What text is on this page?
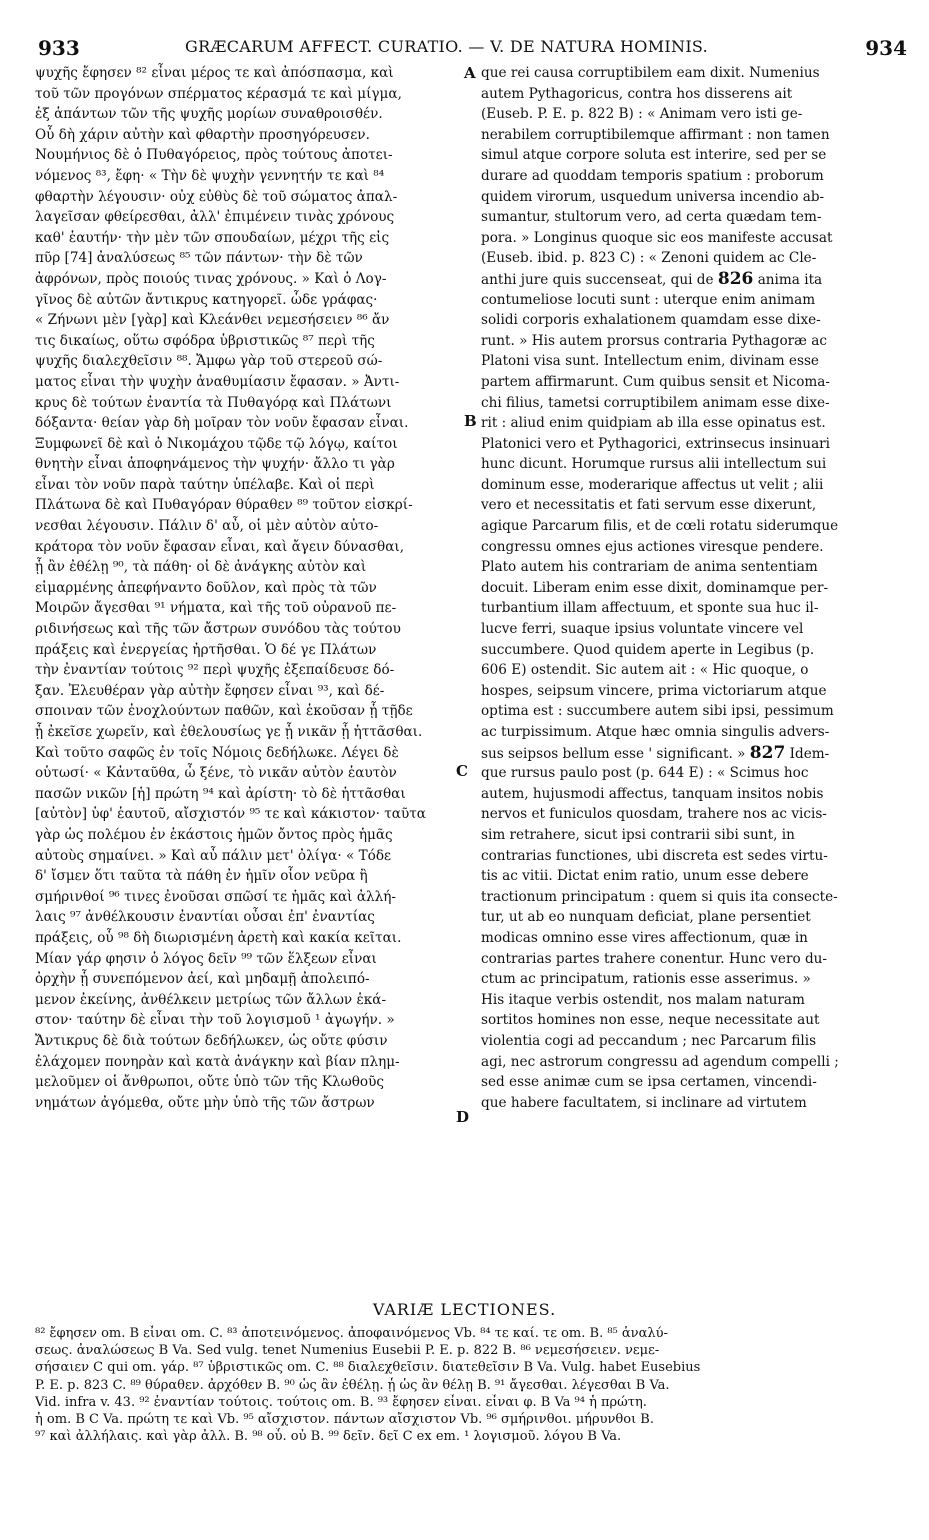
933	GRÆCARUM AFFECT. CURATIO. — V. DE NATURA HOMINIS.	934
ψυχῆς ἔφησεν ⁸² εἶναι μέρος τε καὶ ἀπόσπασμα, καὶ
τοῦ τῶν προγόνων σπέρματος κέρασμά τε καὶ μίγμα,
ἐξ ἁπάντων τῶν τῆς ψυχῆς μορίων συναθροισθέν.
Οὗ δὴ χάριν αὐτὴν καὶ φθαρτὴν προσηγόρευσεν.
Νουμήνιος δὲ ὁ Πυθαγόρειος, πρὸς τούτους ἀποτει-
νόμενος ⁸³, ἔφη· « Τὴν δὲ ψυχὴν γεννητήν τε καὶ ⁸⁴
φθαρτὴν λέγουσιν· οὐχ εὐθὺς δὲ τοῦ σώματος ἀπαλ-
λαγεῖσαν φθείρεσθαι, ἀλλ' ἐπιμένειν τινὰς χρόνους
καθ' ἑαυτήν· τὴν μὲν τῶν σπουδαίων, μέχρι τῆς εἰς
πῦρ [74] ἀναλύσεως ⁸⁵ τῶν πάντων· τὴν δὲ τῶν
ἀφρόνων, πρὸς ποιούς τινας χρόνους. » Καὶ ὁ Λογ-
γῖνος δὲ αὐτῶν ἄντικρυς κατηγορεῖ. ὧδε γράφας·
« Ζήνωνι μὲν [γὰρ] καὶ Κλεάνθει νεμεσήσειεν ⁸⁶ ἄν
τις δικαίως, οὕτω σφόδρα ὑβριστικῶς ⁸⁷ περὶ τῆς
ψυχῆς διαλεχθεῖσιν ⁸⁸. Ἄμφω γὰρ τοῦ στερεοῦ σώ-
ματος εἶναι τὴν ψυχὴν ἀναθυμίασιν ἔφασαν. » Ἀντι-
κρυς δὲ τούτων ἐναντία τὰ Πυθαγόρᾳ καὶ Πλάτωνι
δόξαντα· θείαν γὰρ δὴ μοῖραν τὸν νοῦν ἔφασαν εἶναι.
Ξυμφωνεῖ δὲ καὶ ὁ Νικομάχου τῷδε τῷ λόγῳ, καίτοι
θνητὴν εἶναι ἀποφηνάμενος τὴν ψυχήν· ἄλλο τι γὰρ
εἶναι τὸν νοῦν παρὰ ταύτην ὑπέλαβε. Καὶ οἱ περὶ
Πλάτωνα δὲ καὶ Πυθαγόραν θύραθεν ⁸⁹ τοῦτον εἰσκρί-
νεσθαι λέγουσιν. Πάλιν δ' αὖ, οἱ μὲν αὐτὸν αὐτο-
κράτορα τὸν νοῦν ἔφασαν εἶναι, καὶ ἄγειν δύνασθαι,
ᾗ ἂν ἐθέλῃ ⁹⁰, τὰ πάθη· οἱ δὲ ἀνάγκης αὐτὸν καὶ
εἱμαρμένης ἀπεφήναντο δοῦλον, καὶ πρὸς τὰ τῶν
Μοιρῶν ἄγεσθαι ⁹¹ νήματα, καὶ τῆς τοῦ οὐρανοῦ πε-
ριδινήσεως καὶ τῆς τῶν ἄστρων συνόδου τὰς τούτου
πράξεις καὶ ἐνεργείας ἠρτῆσθαι. Ὁ δέ γε Πλάτων
τὴν ἐναντίαν τούτοις ⁹² περὶ ψυχῆς ἐξεπαίδευσε δό-
ξαν. Ἐλευθέραν γὰρ αὐτὴν ἔφησεν εἶναι ⁹³, καὶ δέ-
σποιναν τῶν ἐνοχλούντων παθῶν, καὶ ἑκοῦσαν ᾗ τῇδε
ᾗ ἐκεῖσε χωρεῖν, καὶ ἐθελουσίως γε ᾗ νικᾶν ᾗ ἡττᾶσθαι.
Καὶ τοῦτο σαφῶς ἐν τοῖς Νόμοις δεδήλωκε. Λέγει δὲ
οὑτωσί· « Κἀνταῦθα, ὦ ξένε, τὸ νικᾶν αὐτὸν ἑαυτὸν
πασῶν νικῶν [ἡ] πρώτη ⁹⁴ καὶ ἀρίστη· τὸ δὲ ἡττᾶσθαι
[αὐτὸν] ὑφ' ἑαυτοῦ, αἴσχιστόν ⁹⁵ τε καὶ κάκιστον· ταῦτα
γὰρ ὡς πολέμου ἐν ἑκάστοις ἡμῶν ὄντος πρὸς ἡμᾶς
αὐτοὺς σημαίνει. » Καὶ αὖ πάλιν μετ' ὀλίγα· « Τόδε
δ' ἴσμεν ὅτι ταῦτα τὰ πάθη ἐν ἡμῖν οἷον νεῦρα ἢ
σμήρινθοί ⁹⁶ τινες ἐνοῦσαι σπῶσί τε ἡμᾶς καὶ ἀλλή-
λαις ⁹⁷ ἀνθέλκουσιν ἐναντίαι οὖσαι ἐπ' ἐναντίας
πράξεις, οὗ ⁹⁸ δὴ διωρισμένη ἀρετὴ καὶ κακία κεῖται.
Μίαν γάρ φησιν ὁ λόγος δεῖν ⁹⁹ τῶν ἕλξεων εἶναι
ὀρχὴν ᾗ συνεπόμενον ἀεί, καὶ μηδαμῇ ἀπολειπό-
μενον ἐκείνης, ἀνθέλκειν μετρίως τῶν ἄλλων ἑκά-
στον· ταύτην δὲ εἶναι τὴν τοῦ λογισμοῦ ¹ ἀγωγήν. »
Ἄντικρυς δὲ διὰ τούτων δεδήλωκεν, ὡς οὔτε φύσιν
ἐλάχομεν πονηρὰν καὶ κατὰ ἀνάγκην καὶ βίαν πλημ-
μελοῦμεν οἱ ἄνθρωποι, οὔτε ὑπὸ τῶν τῆς Κλωθοῦς
νημάτων ἀγόμεθα, οὔτε μὴν ὑπὸ τῆς τῶν ἄστρων
que rei causa corruptibilem eam dixit. Numenius
autem Pythagoricus, contra hos disserens ait
(Euseb. P. E. p. 822 B) : « Animam vero isti ge-
nerabilem corruptibilemque affirmant : non tamen
simul atque corpore soluta est interire, sed per se
durare ad quoddam temporis spatium : proborum
quidem virorum, usquedum universa incendio ab-
sumantur, stultorum vero, ad certa quædam tem-
pora. » Longinus quoque sic eos manifeste accusat
(Euseb. ibid. p. 823 C) : « Zenoni quidem ac Cle-
anthi jure quis succenseat, qui de 826 anima ita
contumeliose locuti sunt : uterque enim animam
solidi corporis exhalationem quamdam esse dixe-
runt. » His autem prorsus contraria Pythagoræ ac
Platoni visa sunt. Intellectum enim, divinam esse
partem affirmarunt. Cum quibus sensit et Nicoma-
chi filius, tametsi corruptibilem animam esse dixe-
rit : aliud enim quidpiam ab illa esse opinatus est.
Platonici vero et Pythagorici, extrinsecus insinuari
hunc dicunt. Horumque rursus alii intellectum sui
dominum esse, moderarique affectus ut velit ; alii
vero et necessitatis et fati servum esse dixerunt,
agique Parcarum filis, et de cœli rotatu siderumque
congressu omnes ejus actiones viresque pendere.
Plato autem his contrariam de anima sententiam
docuit. Liberam enim esse dixit, dominamque per-
turbantium illam affectuum, et sponte sua huc il-
lucve ferri, suaque ipsius voluntate vincere vel
succumbere. Quod quidem aperte in Legibus (p.
606 E) ostendit. Sic autem ait : « Hic quoque, o
hospes, seipsum vincere, prima victoriarum atque
optima est : succumbere autem sibi ipsi, pessimum
ac turpissimum. Atque hæc omnia singulis advers-
sus seipsos bellum esse ' significant. » 827 Idem-
que rursus paulo post (p. 644 E) : « Scimus hoc
autem, hujusmodi affectus, tanquam insitos nobis
nervos et funiculos quosdam, trahere nos ac vicis-
sim retrahere, sicut ipsi contrarii sibi sunt, in
contrarias functiones, ubi discreta est sedes virtu-
tis ac vitii. Dictat enim ratio, unum esse debere
tractionum principatum : quem si quis ita consecte-
tur, ut ab eo nunquam deficiat, plane persentiet
modicas omnino esse vires affectionum, quæ in
contrarias partes trahere conentur. Hunc vero du-
ctum ac principatum, rationis esse asserimus. »
His itaque verbis ostendit, nos malam naturam
sortitos homines non esse, neque necessitate aut
violentia cogi ad peccandum ; nec Parcarum filis
agi, nec astrorum congressu ad agendum compelli ;
sed esse animæ cum se ipsa certamen, vincendi-
que habere facultatem, si inclinare ad virtutem
A
B
C
D
VARIÆ LECTIONES.
⁸² ἔφησεν om. B εἶναι om. C. ⁸³ ἀποτεινόμενος. ἀποφαινόμενος Vb. ⁸⁴ τε καί. τε om. B. ⁸⁵ ἀναλύ-
σεως. ἀναλώσεως B Va. Sed vulg. tenet Numenius Eusebii P. E. p. 822 B. ⁸⁶ νεμεσήσειεν. νεμε-
σήσαιεν C qui om. γάρ. ⁸⁷ ὑβριστικῶς om. C. ⁸⁸ διαλεχθεῖσιν. διατεθεῖσιν B Va. Vulg. habet Eusebius
P. E. p. 823 C. ⁸⁹ θύραθεν. ἀρχόθεν B. ⁹⁰ ὡς ἂν ἐθέλῃ. ᾗ ὡς ἂν θέλῃ B. ⁹¹ ἄγεσθαι. λέγεσθαι B Va.
Vid. infra v. 43. ⁹² ἐναντίαν τούτοις. τούτοις om. B. ⁹³ ἔφησεν εἶναι. εἶναι φ. B Va ⁹⁴ ἡ πρώτη.
ἡ om. B C Va. πρώτη τε καὶ Vb. ⁹⁵ αἴσχιστον. πάντων αἴσχιστον Vb. ⁹⁶ σμήρινθοι. μήρυνθοι B.
⁹⁷ καὶ ἀλλήλαις. καὶ γὰρ ἀλλ. B. ⁹⁸ οὗ. οὐ B. ⁹⁹ δεῖν. δεῖ C ex em. ¹ λογισμοῦ. λόγου B Va.
